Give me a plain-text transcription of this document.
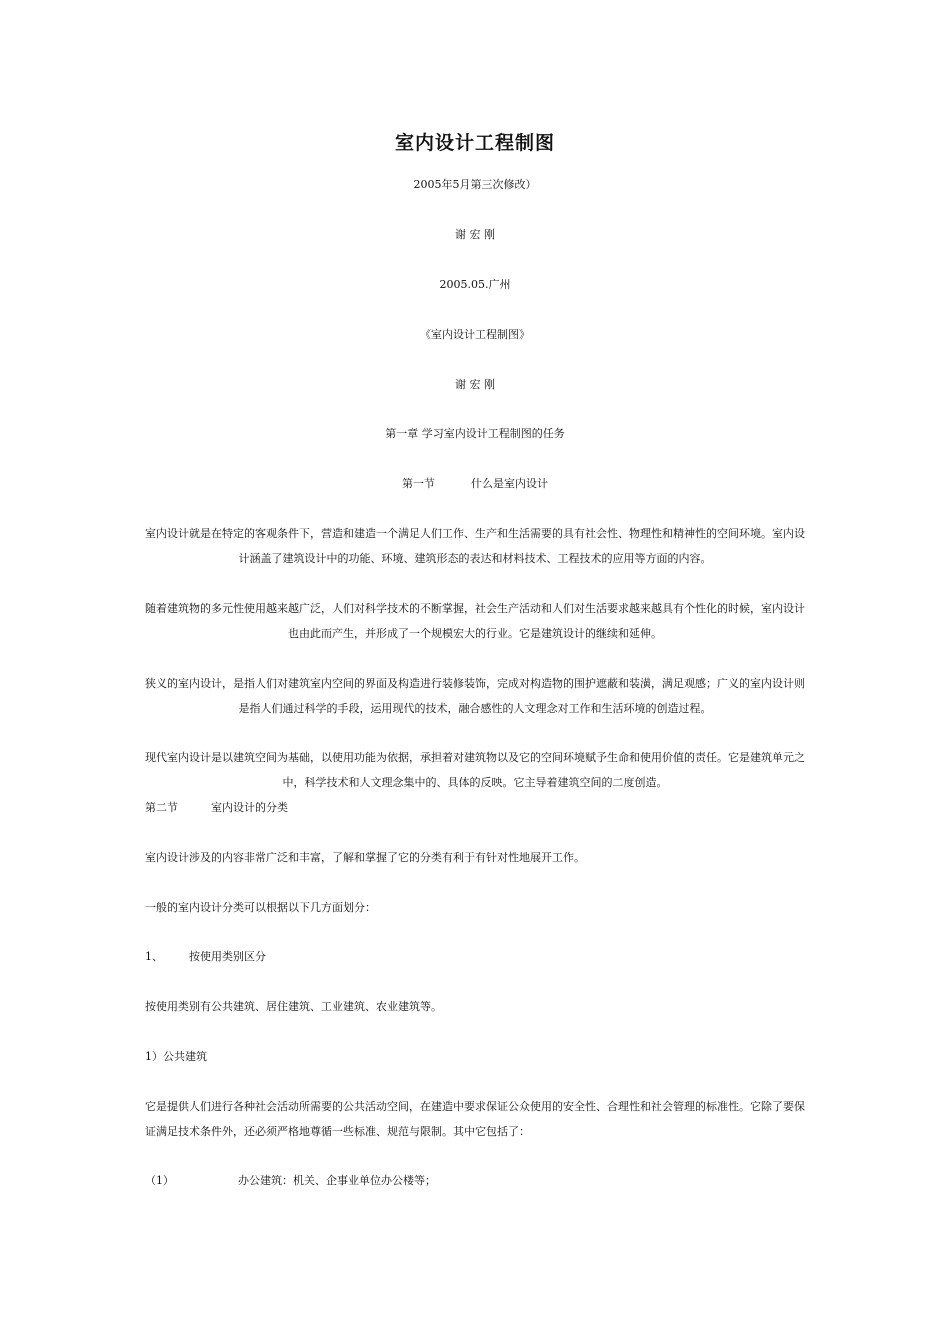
室内设计工程制图
2005年5月第三次修改）
谢 宏 刚
2005.05.广州
《室内设计工程制图》
谢 宏 刚
第一章 学习室内设计工程制图的任务
第一节	什么是室内设计
室内设计就是在特定的客观条件下，营造和建造一个满足人们工作、生产和生活需要的具有社会性、物理性和精神性的空间环境。室内设计涵盖了建筑设计中的功能、环境、建筑形态的表达和材料技术、工程技术的应用等方面的内容。
随着建筑物的多元性使用越来越广泛，人们对科学技术的不断掌握，社会生产活动和人们对生活要求越来越具有个性化的时候，室内设计也由此而产生，并形成了一个规模宏大的行业。它是建筑设计的继续和延伸。
狭义的室内设计，是指人们对建筑室内空间的界面及构造进行装修装饰，完成对构造物的围护遮蔽和装潢，满足观感；广义的室内设计则是指人们通过科学的手段，运用现代的技术，融合感性的人文理念对工作和生活环境的创造过程。
现代室内设计是以建筑空间为基础，以使用功能为依据，承担着对建筑物以及它的空间环境赋予生命和使用价值的责任。它是建筑单元之中，科学技术和人文理念集中的、具体的反映。它主导着建筑空间的二度创造。
第二节	室内设计的分类
室内设计涉及的内容非常广泛和丰富，了解和掌握了它的分类有利于有针对性地展开工作。
一般的室内设计分类可以根据以下几方面划分：
1、 按使用类别区分
按使用类别有公共建筑、居住建筑、工业建筑、农业建筑等。
1）公共建筑
它是提供人们进行各种社会活动所需要的公共活动空间，在建造中要求保证公众使用的安全性、合理性和社会管理的标准性。它除了要保证满足技术条件外，还必须严格地尊循一些标准、规范与限制。其中它包括了：
（1）	办公建筑：机关、企事业单位办公楼等；
